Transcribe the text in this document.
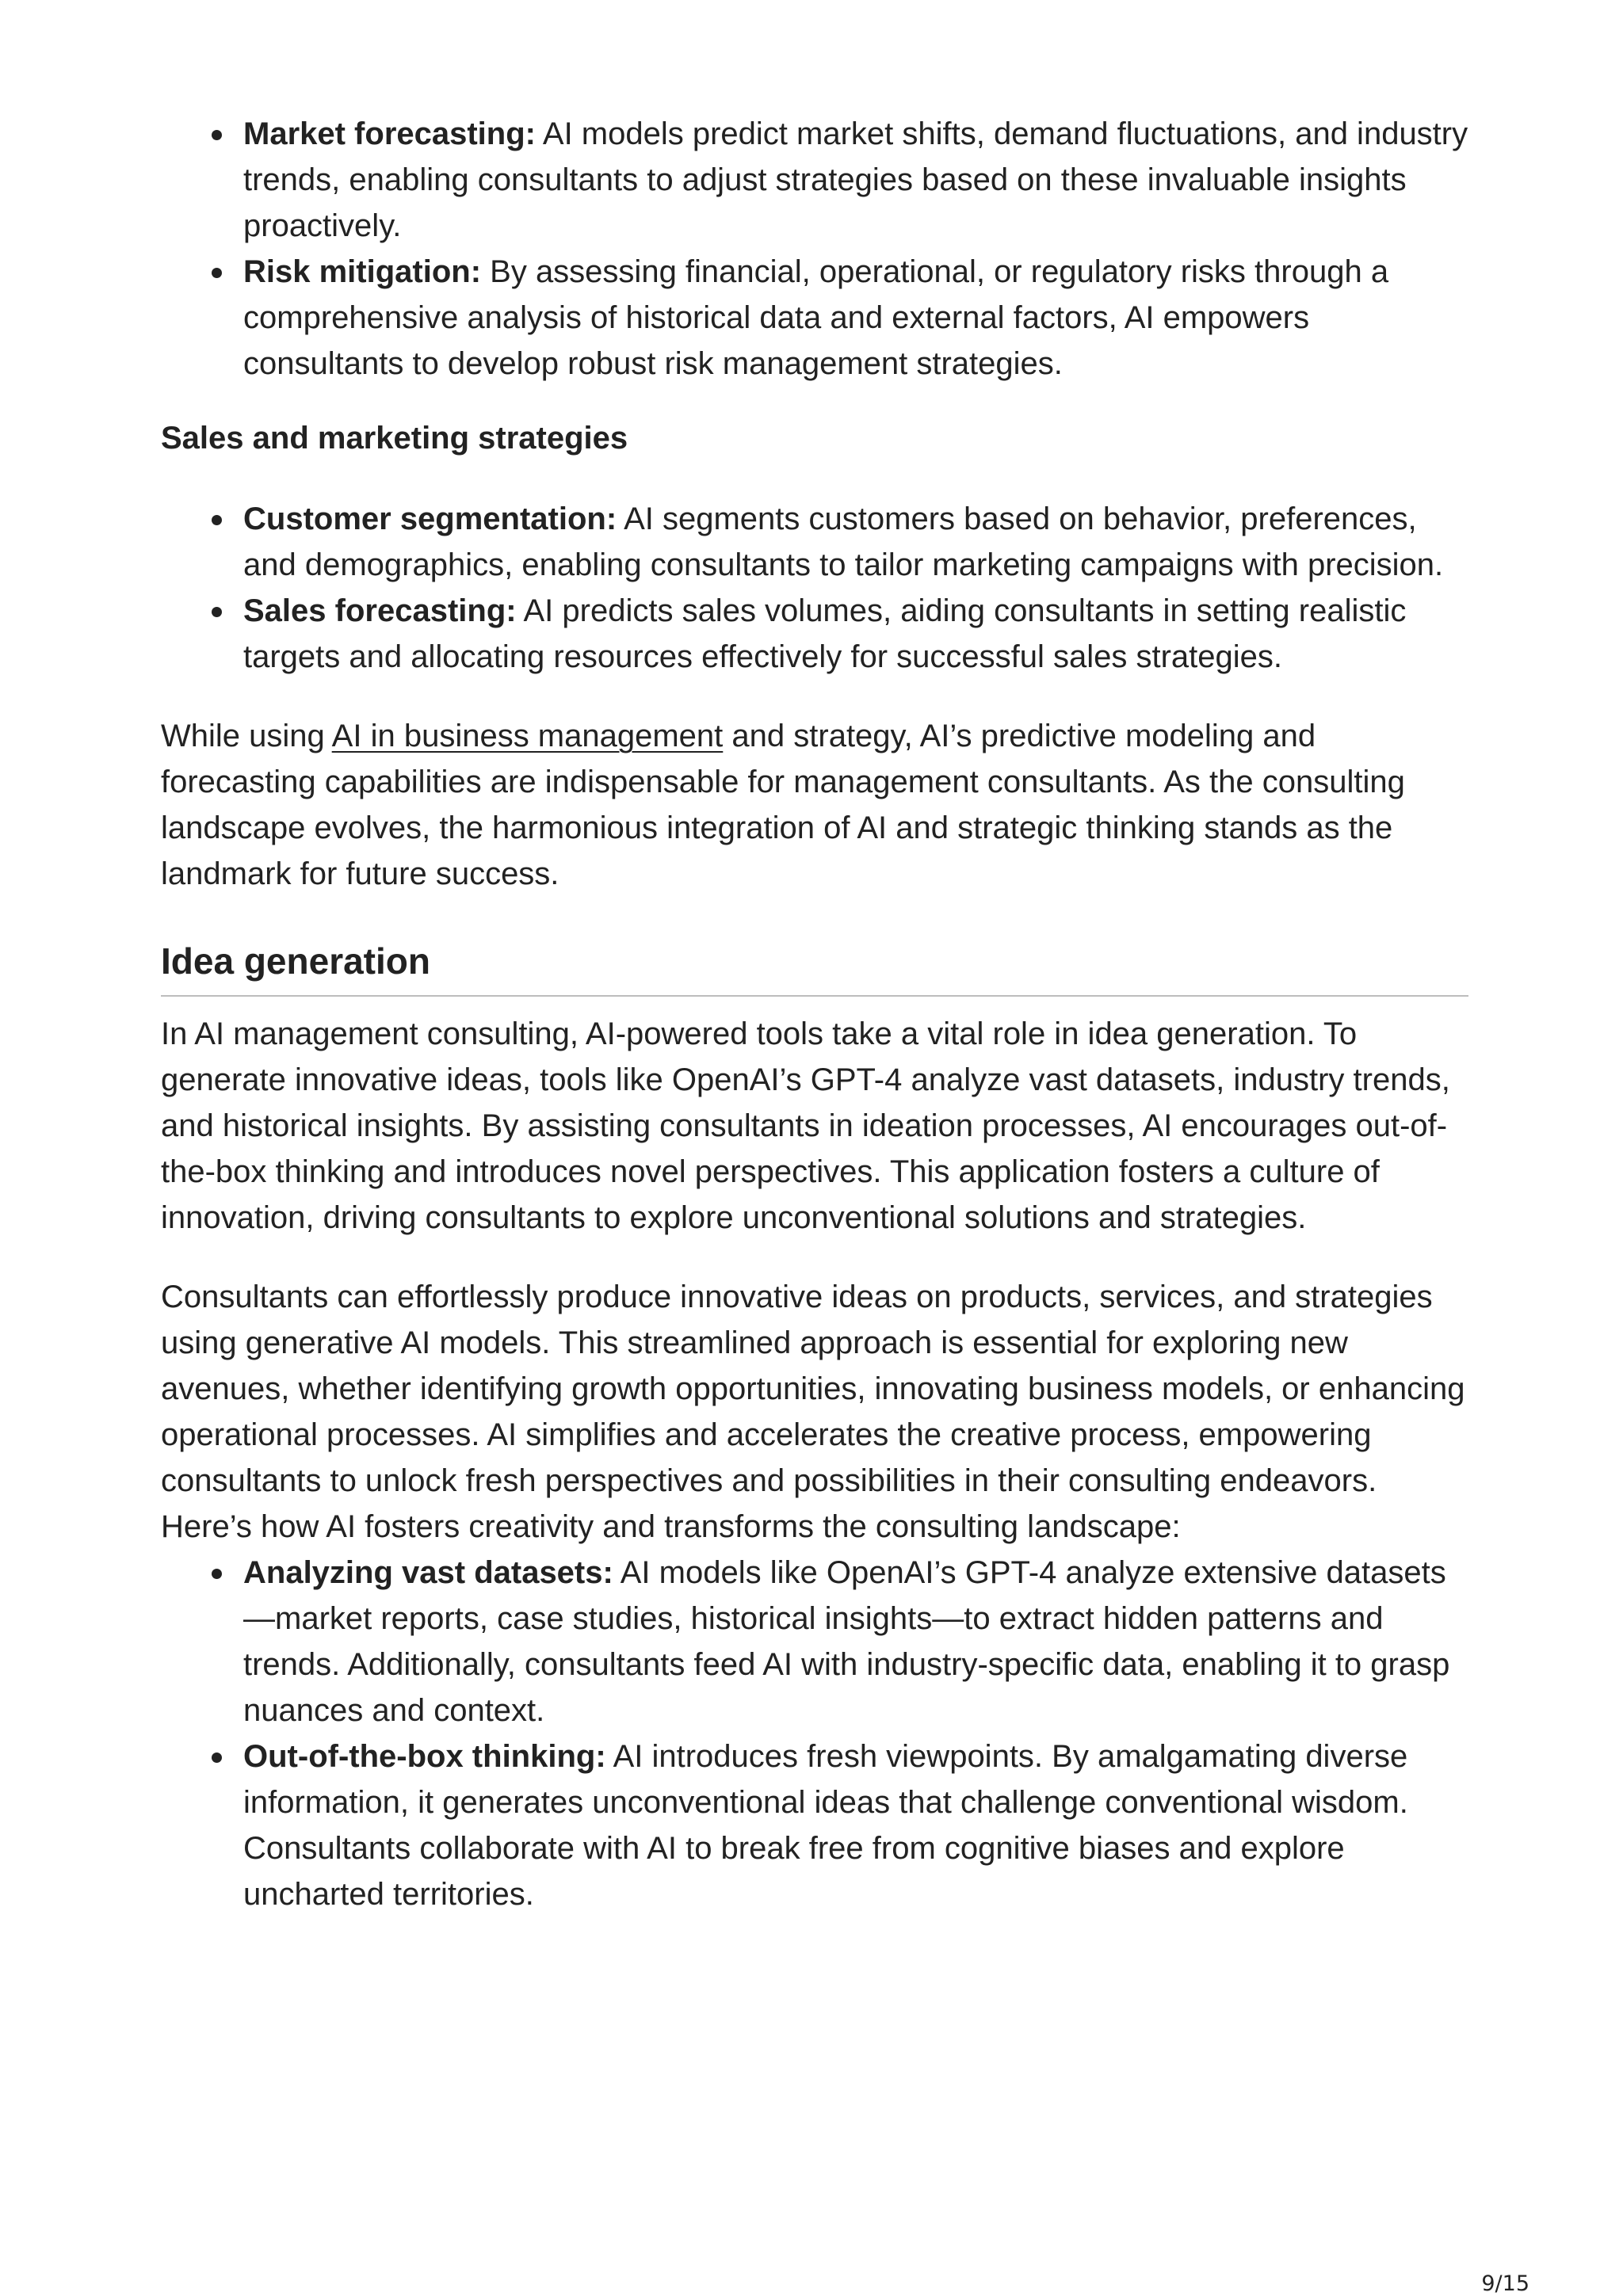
Market forecasting: AI models predict market shifts, demand fluctuations, and industry trends, enabling consultants to adjust strategies based on these invaluable insights proactively.
Risk mitigation: By assessing financial, operational, or regulatory risks through a comprehensive analysis of historical data and external factors, AI empowers consultants to develop robust risk management strategies.
Sales and marketing strategies
Customer segmentation: AI segments customers based on behavior, preferences, and demographics, enabling consultants to tailor marketing campaigns with precision.
Sales forecasting: AI predicts sales volumes, aiding consultants in setting realistic targets and allocating resources effectively for successful sales strategies.

While using AI in business management and strategy, AI’s predictive modeling and forecasting capabilities are indispensable for management consultants. As the consulting landscape evolves, the harmonious integration of AI and strategic thinking stands as the landmark for future success.

Idea generation

In AI management consulting, AI-powered tools take a vital role in idea generation. To generate innovative ideas, tools like OpenAI’s GPT-4 analyze vast datasets, industry trends, and historical insights. By assisting consultants in ideation processes, AI encourages out-of-the-box thinking and introduces novel perspectives. This application fosters a culture of innovation, driving consultants to explore unconventional solutions and strategies.

Consultants can effortlessly produce innovative ideas on products, services, and strategies using generative AI models. This streamlined approach is essential for exploring new avenues, whether identifying growth opportunities, innovating business models, or enhancing operational processes. AI simplifies and accelerates the creative process, empowering consultants to unlock fresh perspectives and possibilities in their consulting endeavors. Here’s how AI fosters creativity and transforms the consulting landscape:

Analyzing vast datasets: AI models like OpenAI’s GPT-4 analyze extensive datasets—market reports, case studies, historical insights—to extract hidden patterns and trends. Additionally, consultants feed AI with industry-specific data, enabling it to grasp nuances and context.
Out-of-the-box thinking: AI introduces fresh viewpoints. By amalgamating diverse information, it generates unconventional ideas that challenge conventional wisdom. Consultants collaborate with AI to break free from cognitive biases and explore uncharted territories.
9/15
